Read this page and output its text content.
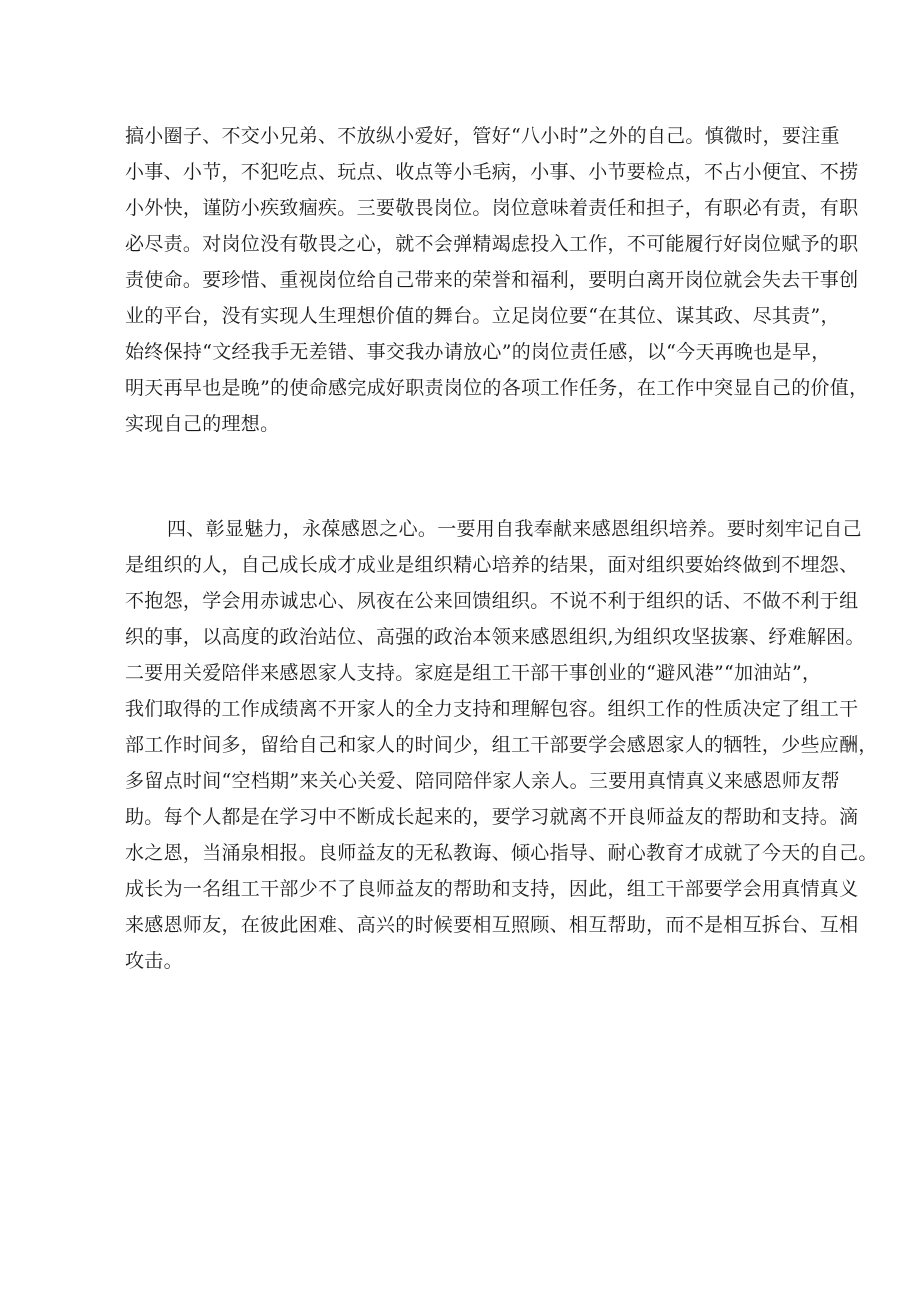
搞小圈子、不交小兄弟、不放纵小爱好，管好“八小时”之外的自己。慎微时，要注重
小事、小节，不犯吃点、玩点、收点等小毛病，小事、小节要检点，不占小便宜、不捞
小外快，谨防小疾致痼疾。三要敬畏岗位。岗位意味着责任和担子，有职必有责，有职
必尽责。对岗位没有敬畏之心，就不会弹精竭虑投入工作，不可能履行好岗位赋予的职
责使命。要珍惜、重视岗位给自己带来的荣誉和福利，要明白离开岗位就会失去干事创
业的平台，没有实现人生理想价值的舞台。立足岗位要“在其位、谋其政、尽其责”，
始终保持“文经我手无差错、事交我办请放心”的岗位责任感，以“今天再晚也是早，
明天再早也是晚”的使命感完成好职责岗位的各项工作任务，在工作中突显自己的价值，
实现自己的理想。
四、彰显魅力，永葆感恩之心。一要用自我奉献来感恩组织培养。要时刻牢记自己
是组织的人，自己成长成才成业是组织精心培养的结果，面对组织要始终做到不埋怨、
不抱怨，学会用赤诚忠心、夙夜在公来回馈组织。不说不利于组织的话、不做不利于组
织的事，以高度的政治站位、高强的政治本领来感恩组织,为组织攻坚拔寨、纾难解困。
二要用关爱陪伴来感恩家人支持。家庭是组工干部干事创业的“避风港”“加油站”，
我们取得的工作成绩离不开家人的全力支持和理解包容。组织工作的性质决定了组工干
部工作时间多，留给自己和家人的时间少，组工干部要学会感恩家人的牺牲，少些应酬，
多留点时间“空档期”来关心关爱、陪同陪伴家人亲人。三要用真情真义来感恩师友帮
助。每个人都是在学习中不断成长起来的，要学习就离不开良师益友的帮助和支持。滴
水之恩，当涌泉相报。良师益友的无私教诲、倾心指导、耐心教育才成就了今天的自己。
成长为一名组工干部少不了良师益友的帮助和支持，因此，组工干部要学会用真情真义
来感恩师友，在彼此困难、高兴的时候要相互照顾、相互帮助，而不是相互拆台、互相
攻击。
